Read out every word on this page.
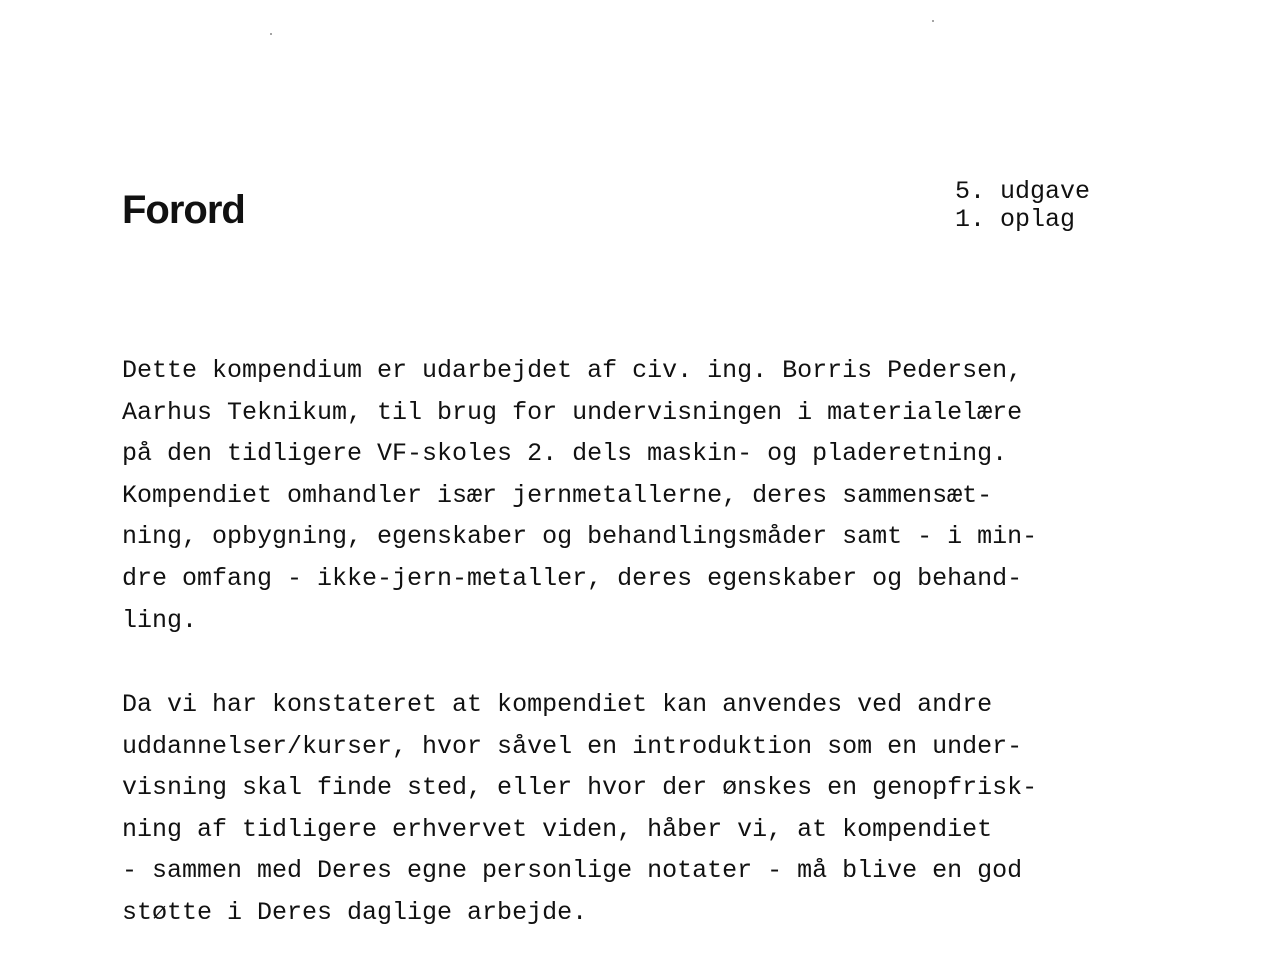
Forord	5. udgave
1. oplag
Dette kompendium er udarbejdet af civ. ing. Borris Pedersen,
Aarhus Teknikum, til brug for undervisningen i materialelære
på den tidligere VF-skoles 2. dels maskin- og pladeretning.
Kompendiet omhandler især jernmetallerne, deres sammensæt-
ning, opbygning, egenskaber og behandlingsmåder samt - i min-
dre omfang - ikke-jern-metaller, deres egenskaber og behand-
ling.
Da vi har konstateret at kompendiet kan anvendes ved andre
uddannelser/kurser, hvor såvel en introduktion som en under-
visning skal finde sted, eller hvor der ønskes en genopfrisk-
ning af tidligere erhvervet viden, håber vi, at kompendiet
- sammen med Deres egne personlige notater - må blive en god
støtte i Deres daglige arbejde.
